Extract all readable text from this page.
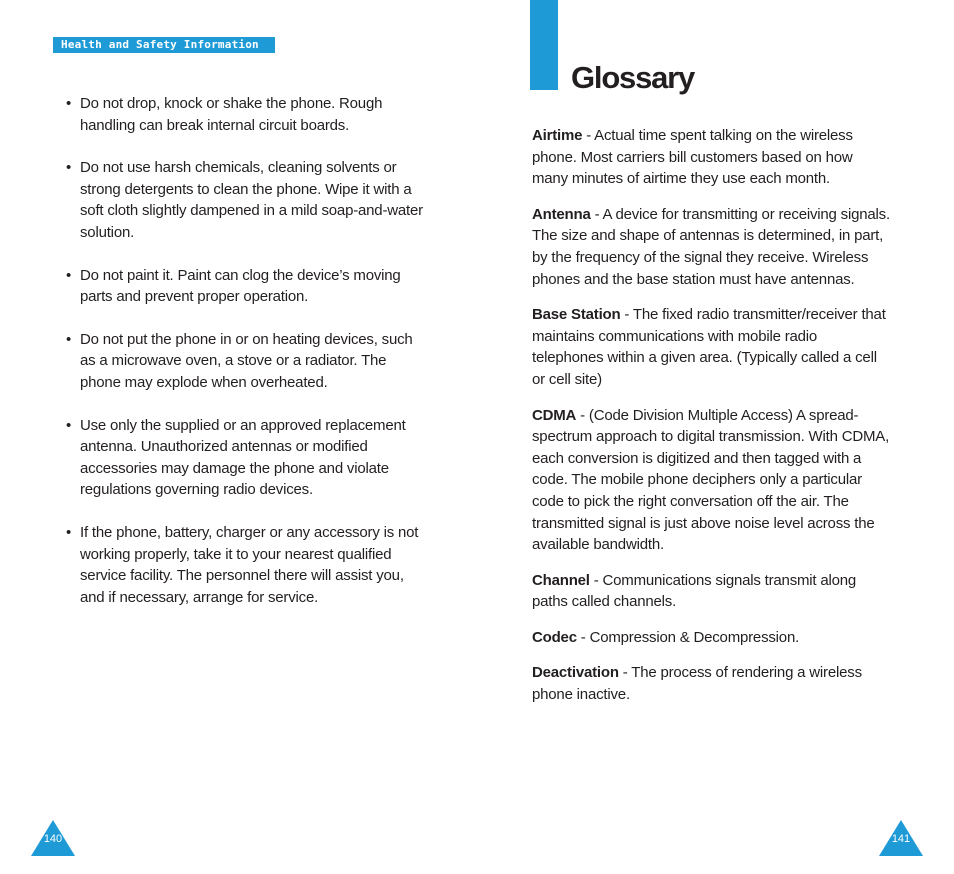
Health and Safety Information
• Do not drop, knock or shake the phone. Rough handling can break internal circuit boards.
• Do not use harsh chemicals, cleaning solvents or strong detergents to clean the phone. Wipe it with a soft cloth slightly dampened in a mild soap-and-water solution.
• Do not paint it. Paint can clog the device’s moving parts and prevent proper operation.
• Do not put the phone in or on heating devices, such as a microwave oven, a stove or a radiator. The phone may explode when overheated.
• Use only the supplied or an approved replacement antenna. Unauthorized antennas or modified accessories may damage the phone and violate regulations governing radio devices.
• If the phone, battery, charger or any accessory is not working properly, take it to your nearest qualified service facility. The personnel there will assist you, and if necessary, arrange for service.
140
Glossary

Airtime - Actual time spent talking on the wireless phone. Most carriers bill customers based on how many minutes of airtime they use each month.

Antenna - A device for transmitting or receiving signals. The size and shape of antennas is determined, in part, by the frequency of the signal they receive. Wireless phones and the base station must have antennas.

Base Station - The fixed radio transmitter/receiver that maintains communications with mobile radio telephones within a given area. (Typically called a cell or cell site)

CDMA - (Code Division Multiple Access) A spread-spectrum approach to digital transmission. With CDMA, each conversion is digitized and then tagged with a code. The mobile phone deciphers only a particular code to pick the right conversation off the air. The transmitted signal is just above noise level across the available bandwidth.

Channel - Communications signals transmit along paths called channels.

Codec - Compression & Decompression.

Deactivation - The process of rendering a wireless phone inactive.

141
